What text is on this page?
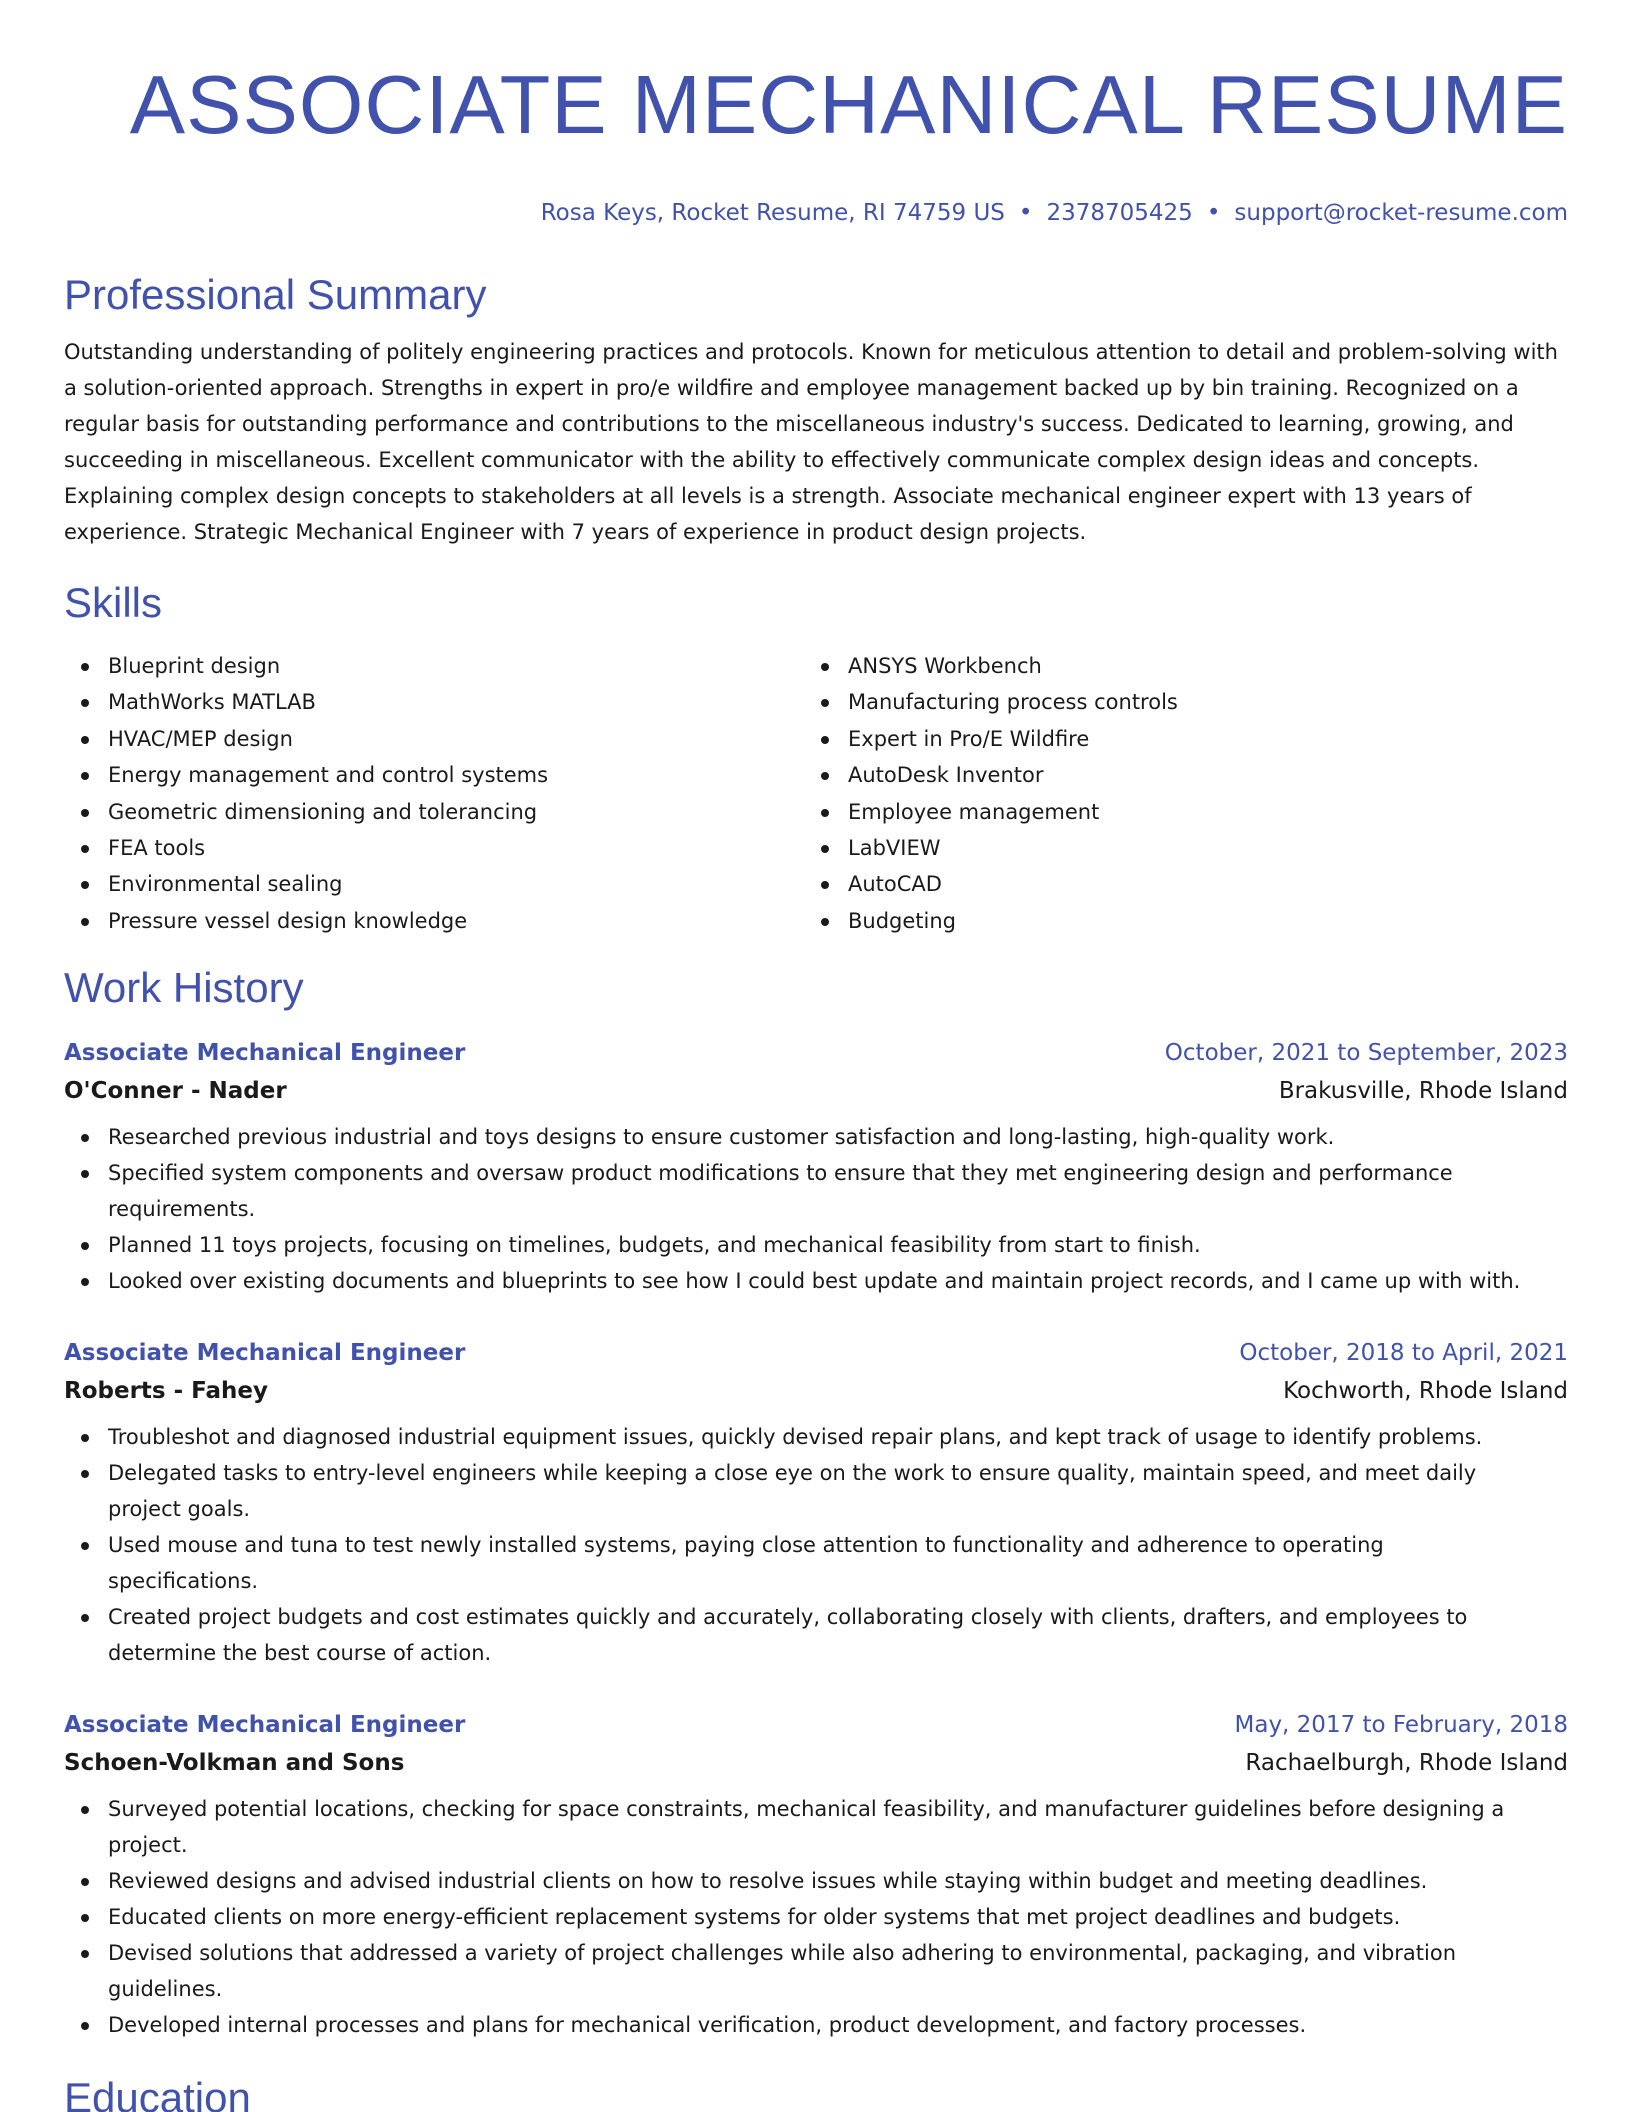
ASSOCIATE MECHANICAL RESUME
Rosa Keys, Rocket Resume, RI 74759 US • 2378705425 • support@rocket-resume.com
Professional Summary

Outstanding understanding of politely engineering practices and protocols. Known for meticulous attention to detail and problem-solving with a solution-oriented approach. Strengths in expert in pro/e wildfire and employee management backed up by bin training. Recognized on a regular basis for outstanding performance and contributions to the miscellaneous industry's success. Dedicated to learning, growing, and succeeding in miscellaneous. Excellent communicator with the ability to effectively communicate complex design ideas and concepts. Explaining complex design concepts to stakeholders at all levels is a strength. Associate mechanical engineer expert with 13 years of experience. Strategic Mechanical Engineer with 7 years of experience in product design projects.

Skills
Blueprint design
MathWorks MATLAB
HVAC/MEP design
Energy management and control systems
Geometric dimensioning and tolerancing
FEA tools
Environmental sealing
Pressure vessel design knowledge
ANSYS Workbench
Manufacturing process controls
Expert in Pro/E Wildfire
AutoDesk Inventor
Employee management
LabVIEW
AutoCAD
Budgeting
Work History
Associate Mechanical Engineer	October, 2021 to September, 2023
O'Conner - Nader	Brakusville, Rhode Island
Researched previous industrial and toys designs to ensure customer satisfaction and long-lasting, high-quality work.
Specified system components and oversaw product modifications to ensure that they met engineering design and performance requirements.
Planned 11 toys projects, focusing on timelines, budgets, and mechanical feasibility from start to finish.
Looked over existing documents and blueprints to see how I could best update and maintain project records, and I came up with with.
Associate Mechanical Engineer	October, 2018 to April, 2021
Roberts - Fahey	Kochworth, Rhode Island
Troubleshot and diagnosed industrial equipment issues, quickly devised repair plans, and kept track of usage to identify problems.
Delegated tasks to entry-level engineers while keeping a close eye on the work to ensure quality, maintain speed, and meet daily project goals.
Used mouse and tuna to test newly installed systems, paying close attention to functionality and adherence to operating specifications.
Created project budgets and cost estimates quickly and accurately, collaborating closely with clients, drafters, and employees to determine the best course of action.
Associate Mechanical Engineer	May, 2017 to February, 2018
Schoen-Volkman and Sons	Rachaelburgh, Rhode Island
Surveyed potential locations, checking for space constraints, mechanical feasibility, and manufacturer guidelines before designing a project.
Reviewed designs and advised industrial clients on how to resolve issues while staying within budget and meeting deadlines.
Educated clients on more energy-efficient replacement systems for older systems that met project deadlines and budgets.
Devised solutions that addressed a variety of project challenges while also adhering to environmental, packaging, and vibration guidelines.
Developed internal processes and plans for mechanical verification, product development, and factory processes.
Education
